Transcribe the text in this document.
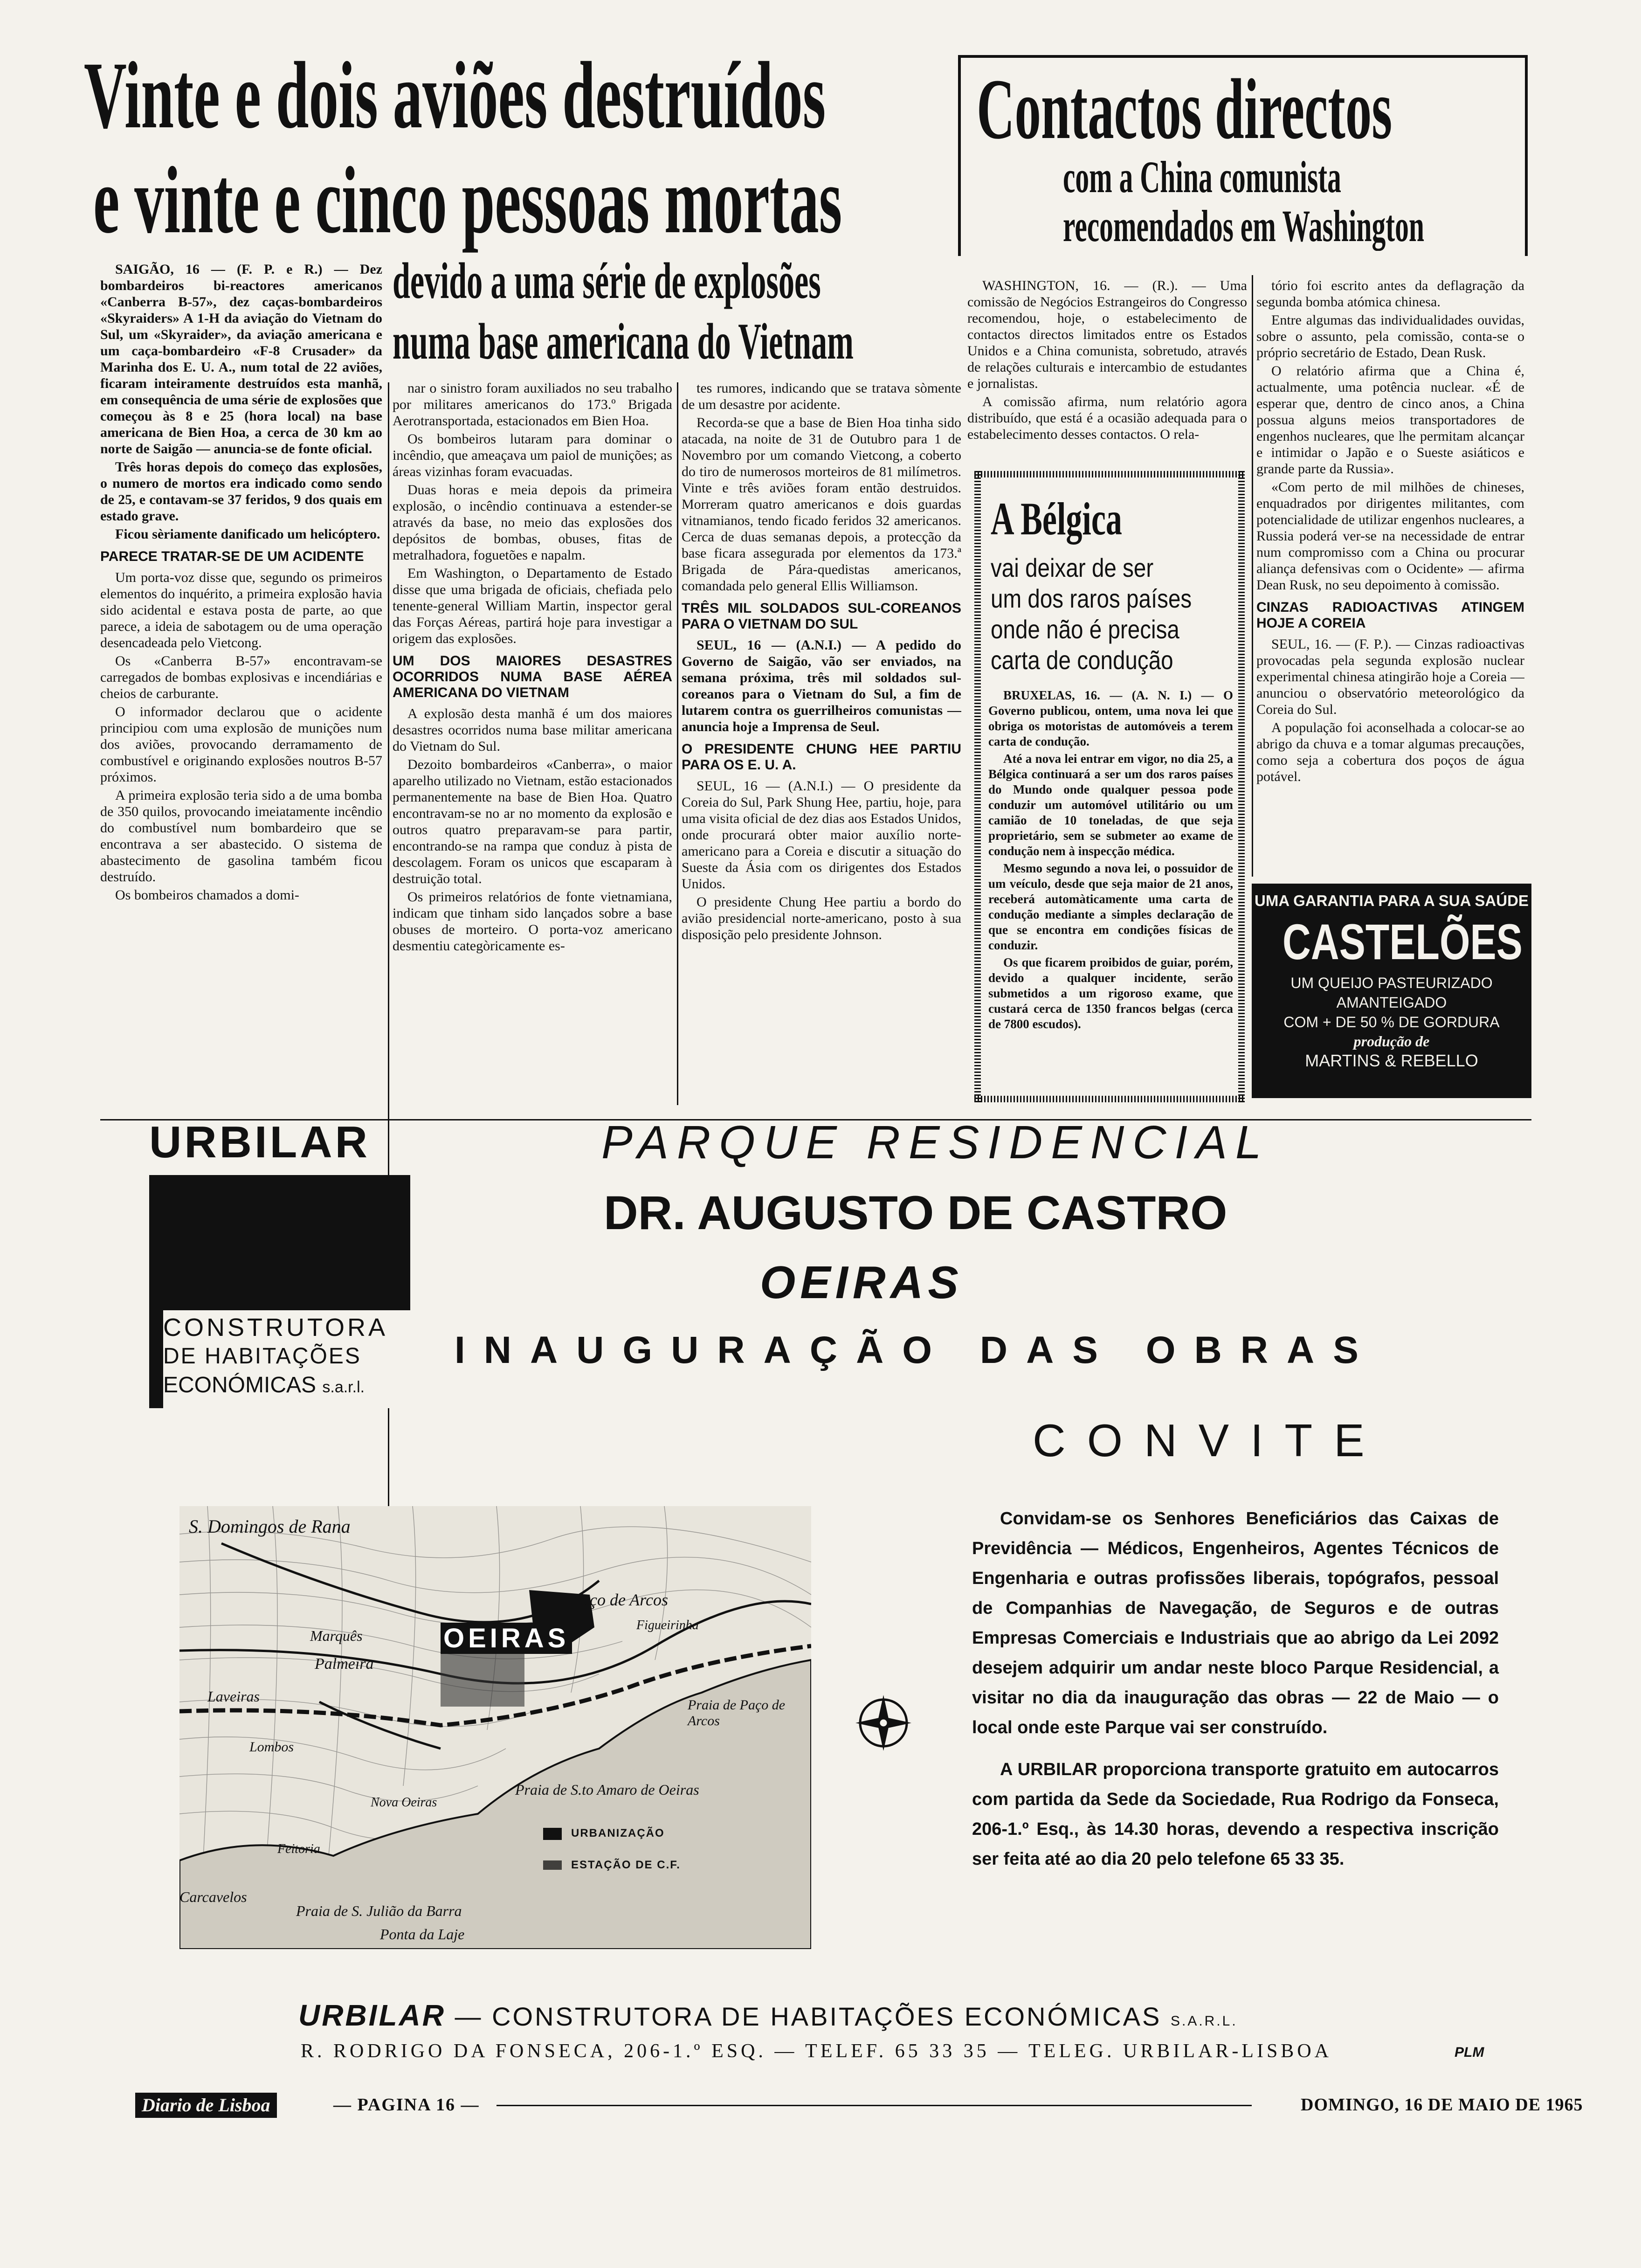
Vinte e dois aviões destruídos
e vinte e cinco pessoas mortas
devido a uma série de explosões
numa base americana do Vietnam

SAIGÃO, 16 — (F. P. e R.) — Dez bombardeiros bi-reactores americanos «Canberra B-57», dez caças-bombardeiros «Skyraiders» A 1-H da aviação do Vietnam do Sul, um «Skyraider», da aviação americana e um caça-bombardeiro «F-8 Crusader» da Marinha dos E. U. A., num total de 22 aviões, ficaram inteiramente destruídos esta manhã, em consequência de uma série de explosões que começou às 8 e 25 (hora local) na base americana de Bien Hoa, a cerca de 30 km ao norte de Saigão — anuncia-se de fonte oficial.

Três horas depois do começo das explosões, o numero de mortos era indicado como sendo de 25, e contavam-se 37 feridos, 9 dos quais em estado grave.

Ficou sèriamente danificado um helicóptero.

PARECE TRATAR-SE DE UM ACIDENTE

Um porta-voz disse que, segundo os primeiros elementos do inquérito, a primeira explosão havia sido acidental e estava posta de parte, ao que parece, a ideia de sabotagem ou de uma operação desencadeada pelo Vietcong.

Os «Canberra B-57» encontravam-se carregados de bombas explosivas e incendiárias e cheios de carburante.

O informador declarou que o acidente principiou com uma explosão de munições num dos aviões, provocando derramamento de combustível e originando explosões noutros B-57 próximos.

A primeira explosão teria sido a de uma bomba de 350 quilos, provocando imeiatamente incêndio do combustível num bombardeiro que se encontrava a ser abastecido. O sistema de abastecimento de gasolina também ficou destruído.

Os bombeiros chamados a domi-

nar o sinistro foram auxiliados no seu trabalho por militares americanos do 173.º Brigada Aerotransportada, estacionados em Bien Hoa.

Os bombeiros lutaram para dominar o incêndio, que ameaçava um paiol de munições; as áreas vizinhas foram evacuadas.

Duas horas e meia depois da primeira explosão, o incêndio continuava a estender-se através da base, no meio das explosões dos depósitos de bombas, obuses, fitas de metralhadora, foguetões e napalm.

Em Washington, o Departamento de Estado disse que uma brigada de oficiais, chefiada pelo tenente-general William Martin, inspector geral das Forças Aéreas, partirá hoje para investigar a origem das explosões.

UM DOS MAIORES DESASTRES OCORRIDOS NUMA BASE AÉREA AMERICANA DO VIETNAM

A explosão desta manhã é um dos maiores desastres ocorridos numa base militar americana do Vietnam do Sul.

Dezoito bombardeiros «Canberra», o maior aparelho utilizado no Vietnam, estão estacionados permanentemente na base de Bien Hoa. Quatro encontravam-se no ar no momento da explosão e outros quatro preparavam-se para partir, encontrando-se na rampa que conduz à pista de descolagem. Foram os unicos que escaparam à destruição total.

Os primeiros relatórios de fonte vietnamiana, indicam que tinham sido lançados sobre a base obuses de morteiro. O porta-voz americano desmentiu categòricamente es-

tes rumores, indicando que se tratava sòmente de um desastre por acidente.

Recorda-se que a base de Bien Hoa tinha sido atacada, na noite de 31 de Outubro para 1 de Novembro por um comando Vietcong, a coberto do tiro de numerosos morteiros de 81 milímetros. Vinte e três aviões foram então destruidos. Morreram quatro americanos e dois guardas vitnamianos, tendo ficado feridos 32 americanos. Cerca de duas semanas depois, a protecção da base ficara assegurada por elementos da 173.ª Brigada de Pára-quedistas americanos, comandada pelo general Ellis Williamson.

TRÊS MIL SOLDADOS SUL-COREANOS PARA O VIETNAM DO SUL

SEUL, 16 — (A.N.I.) — A pedido do Governo de Saigão, vão ser enviados, na semana próxima, três mil soldados sul-coreanos para o Vietnam do Sul, a fim de lutarem contra os guerrilheiros comunistas — anuncia hoje a Imprensa de Seul.

O PRESIDENTE CHUNG HEE PARTIU PARA OS E. U. A.

SEUL, 16 — (A.N.I.) — O presidente da Coreia do Sul, Park Shung Hee, partiu, hoje, para uma visita oficial de dez dias aos Estados Unidos, onde procurará obter maior auxílio norte-americano para a Coreia e discutir a situação do Sueste da Ásia com os dirigentes dos Estados Unidos.

O presidente Chung Hee partiu a bordo do avião presidencial norte-americano, posto à sua disposição pelo presidente Johnson.

Contactos directos
com a China comunista
recomendados em Washington

WASHINGTON, 16. — (R.). — Uma comissão de Negócios Estrangeiros do Congresso recomendou, hoje, o estabelecimento de contactos directos limitados entre os Estados Unidos e a China comunista, sobretudo, através de relações culturais e intercambio de estudantes e jornalistas.

A comissão afirma, num relatório agora distribuído, que está é a ocasião adequada para o estabelecimento desses contactos. O rela-

tório foi escrito antes da deflagração da segunda bomba atómica chinesa.

Entre algumas das individualidades ouvidas, sobre o assunto, pela comissão, conta-se o próprio secretário de Estado, Dean Rusk.

O relatório afirma que a China é, actualmente, uma potência nuclear. «É de esperar que, dentro de cinco anos, a China possua alguns meios transportadores de engenhos nucleares, que lhe permitam alcançar e intimidar o Japão e o Sueste asiáticos e grande parte da Russia».

«Com perto de mil milhões de chineses, enquadrados por dirigentes militantes, com potencialidade de utilizar engenhos nucleares, a Russia poderá ver-se na necessidade de entrar num compromisso com a China ou procurar aliança defensivas com o Ocidente» — afirma Dean Rusk, no seu depoimento à comissão.

CINZAS RADIOACTIVAS ATINGEM HOJE A COREIA

SEUL, 16. — (F. P.). — Cinzas radioactivas provocadas pela segunda explosão nuclear experimental chinesa atingirão hoje a Coreia — anunciou o observatório meteorológico da Coreia do Sul.

A população foi aconselhada a colocar-se ao abrigo da chuva e a tomar algumas precauções, como seja a cobertura dos poços de água potável.

A Bélgica
vai deixar de ser
um dos raros países
onde não é precisa
carta de condução

BRUXELAS, 16. — (A. N. I.) — O Governo publicou, ontem, uma nova lei que obriga os motoristas de automóveis a terem carta de condução.

Até a nova lei entrar em vigor, no dia 25, a Bélgica continuará a ser um dos raros países do Mundo onde qualquer pessoa pode conduzir um automóvel utilitário ou um camião de 10 toneladas, de que seja proprietário, sem se submeter ao exame de condução nem à inspecção médica.

Mesmo segundo a nova lei, o possuidor de um veículo, desde que seja maior de 21 anos, receberá automàticamente uma carta de condução mediante a simples declaração de que se encontra em condições físicas de conduzir.

Os que ficarem proibidos de guiar, porém, devido a qualquer incidente, serão submetidos a um rigoroso exame, que custará cerca de 1350 francos belgas (cerca de 7800 escudos).

UMA GARANTIA PARA A SUA SAÚDE
CASTELÕES
UM QUEIJO PASTEURIZADO
AMANTEIGADO
COM + DE 50 % DE GORDURA
produção de
MARTINS & REBELLO
URBILAR
CONSTRUTORA
DE HABITAÇÕES
ECONÓMICAS s.a.r.l.
PARQUE RESIDENCIAL
DR. AUGUSTO DE CASTRO
OEIRAS
INAUGURAÇÃO DAS OBRAS
CONVITE
S. Domingos de Rana
Paço de Arcos
OEIRAS
Praia de Paço de Arcos
Praia de S.to Amaro de Oeiras
Carcavelos
Praia de S. Julião da Barra
Ponta da Laje
Palmeira
Marquês
Figueirinha
Lombos
Feitoria
Nova Oeiras
Laveiras
URBANIZAÇÃO
ESTAÇÃO DE C.F.

Convidam-se os Senhores Beneficiários das Caixas de Previdência — Médicos, Engenheiros, Agentes Técnicos de Engenharia e outras profissões liberais, topógrafos, pessoal de Companhias de Navegação, de Seguros e de outras Empresas Comerciais e Industriais que ao abrigo da Lei 2092 desejem adquirir um andar neste bloco Parque Residencial, a visitar no dia da inauguração das obras — 22 de Maio — o local onde este Parque vai ser construído.

A URBILAR proporciona transporte gratuito em autocarros com partida da Sede da Sociedade, Rua Rodrigo da Fonseca, 206-1.º Esq., às 14.30 horas, devendo a respectiva inscrição ser feita até ao dia 20 pelo telefone 65 33 35.

URBILAR — CONSTRUTORA DE HABITAÇÕES ECONÓMICAS S.A.R.L.
R. RODRIGO DA FONSECA, 206-1.º ESQ. — TELEF. 65 33 35 — TELEG. URBILAR-LISBOA	PLM
Diario de Lisboa	— PAGINA 16 —	DOMINGO, 16 DE MAIO DE 1965
